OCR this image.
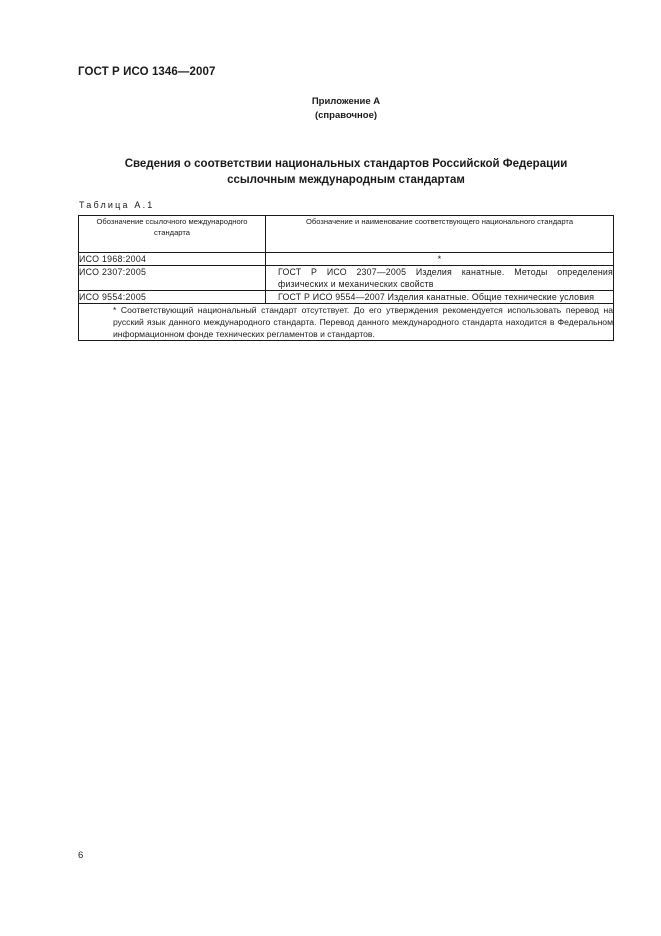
ГОСТ Р ИСО 1346—2007
Приложение А
(справочное)
Сведения о соответствии национальных стандартов Российской Федерации
ссылочным международным стандартам
Таблица А.1
Обозначение ссылочного международного стандарта	Обозначение и наименование соответствующего национального стандарта
ИСО 1968:2004	*
ИСО 2307:2005	ГОСТ Р ИСО 2307—2005 Изделия канатные. Методы определения физических и механических свойств

ИСО 9554:2005	ГОСТ Р ИСО 9554—2007 Изделия канатные. Общие технические условия

* Соответствующий национальный стандарт отсутствует. До его утверждения рекомендуется использовать перевод на русский язык данного международного стандарта. Перевод данного международного стандарта находится в Федеральном информационном фонде технических регламентов и стандартов.	
6
